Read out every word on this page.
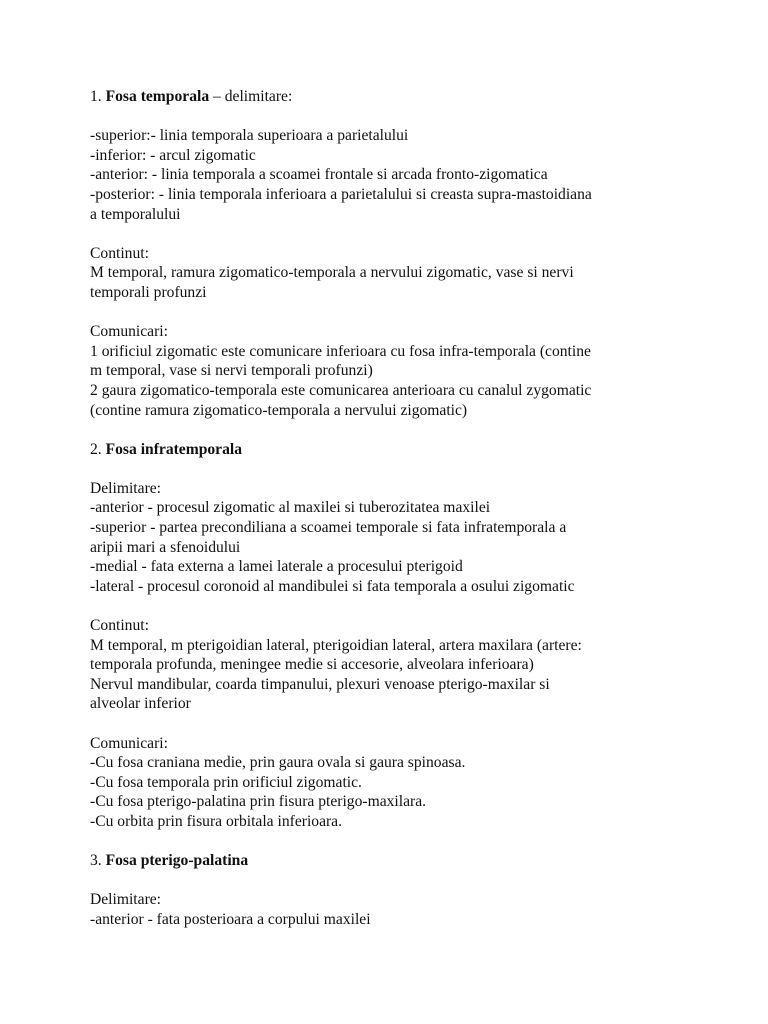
1. Fosa temporala – delimitare:

-superior:- linia temporala superioara a parietalului

-inferior: - arcul zigomatic

-anterior: - linia temporala a scoamei frontale si arcada fronto-zigomatica

-posterior: - linia temporala inferioara a parietalului si creasta supra-mastoidiana

a temporalului

Continut:

M temporal, ramura zigomatico-temporala a nervului zigomatic, vase si nervi

temporali profunzi

Comunicari:

1 orificiul zigomatic este comunicare inferioara cu fosa infra-temporala (contine

m temporal, vase si nervi temporali profunzi)

2 gaura zigomatico-temporala este comunicarea anterioara cu canalul zygomatic

(contine ramura zigomatico-temporala a nervului zigomatic)

2. Fosa infratemporala

Delimitare:

-anterior - procesul zigomatic al maxilei si tuberozitatea maxilei

-superior - partea precondiliana a scoamei temporale si fata infratemporala a

aripii mari a sfenoidului

-medial - fata externa a lamei laterale a procesului pterigoid

-lateral - procesul coronoid al mandibulei si fata temporala a osului zigomatic

Continut:

M temporal, m pterigoidian lateral, pterigoidian lateral, artera maxilara (artere:

temporala profunda, meningee medie si accesorie, alveolara inferioara)

Nervul mandibular, coarda timpanului, plexuri venoase pterigo-maxilar si

alveolar inferior

Comunicari:

-Cu fosa craniana medie, prin gaura ovala si gaura spinoasa.

-Cu fosa temporala prin orificiul zigomatic.

-Cu fosa pterigo-palatina prin fisura pterigo-maxilara.

-Cu orbita prin fisura orbitala inferioara.

3. Fosa pterigo-palatina

Delimitare:

-anterior - fata posterioara a corpului maxilei
